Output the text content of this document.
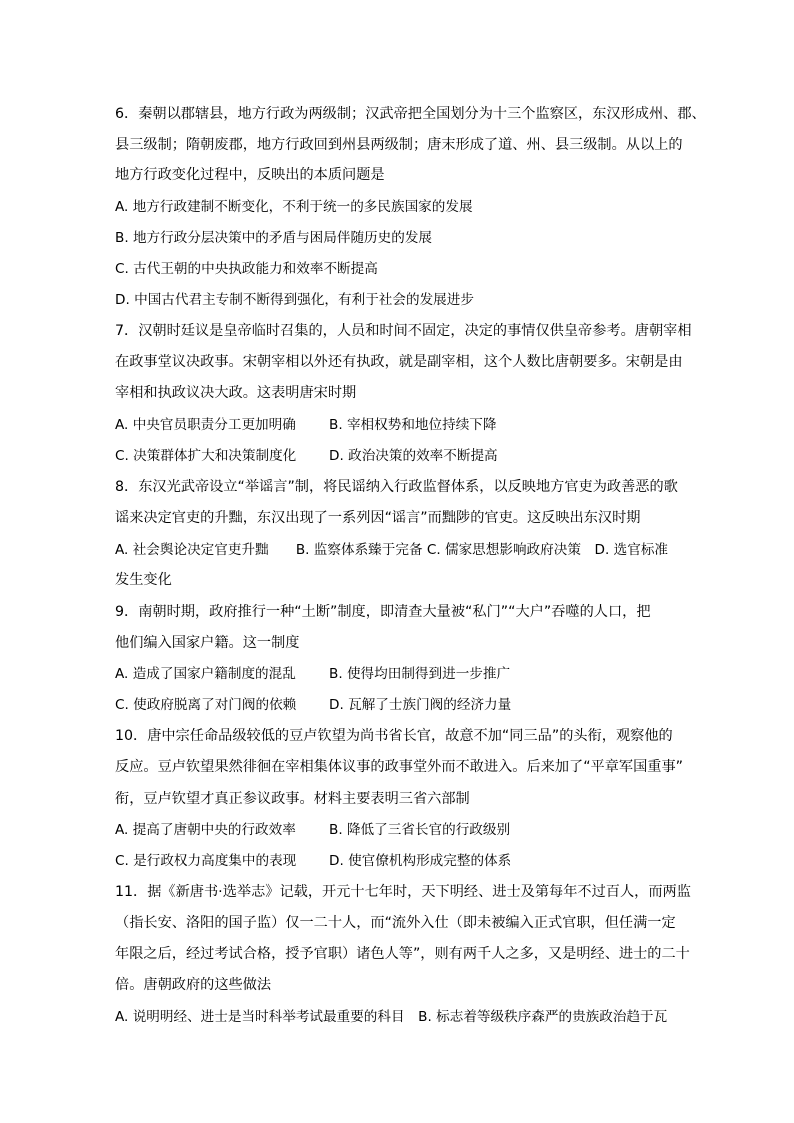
6．秦朝以郡辖县，地方行政为两级制；汉武帝把全国划分为十三个监察区，东汉形成州、郡、
县三级制；隋朝废郡，地方行政回到州县两级制；唐末形成了道、州、县三级制。从以上的
地方行政变化过程中，反映出的本质问题是
A. 地方行政建制不断变化，不利于统一的多民族国家的发展
B. 地方行政分层决策中的矛盾与困局伴随历史的发展
C. 古代王朝的中央执政能力和效率不断提高
D. 中国古代君主专制不断得到强化，有利于社会的发展进步
7．汉朝时廷议是皇帝临时召集的，人员和时间不固定，决定的事情仅供皇帝参考。唐朝宰相
在政事堂议决政事。宋朝宰相以外还有执政，就是副宰相，这个人数比唐朝要多。宋朝是由
宰相和执政议决大政。这表明唐宋时期
A. 中央官员职责分工更加明确 B. 宰相权势和地位持续下降
C. 决策群体扩大和决策制度化 D. 政治决策的效率不断提高
8．东汉光武帝设立“举谣言”制，将民谣纳入行政监督体系，以反映地方官吏为政善恶的歌
谣来决定官吏的升黜，东汉出现了一系列因“谣言”而黜陟的官吏。这反映出东汉时期
A. 社会舆论决定官吏升黜　　B. 监察体系臻于完备 C. 儒家思想影响政府决策　D. 选官标准
发生变化
9．南朝时期，政府推行一种“土断”制度，即清查大量被“私门”“大户”吞噬的人口，把
他们编入国家户籍。这一制度
A. 造成了国家户籍制度的混乱 B. 使得均田制得到进一步推广
C. 使政府脱离了对门阀的依赖 D. 瓦解了士族门阀的经济力量
10．唐中宗任命品级较低的豆卢钦望为尚书省长官，故意不加“同三品”的头衔，观察他的
反应。豆卢钦望果然徘徊在宰相集体议事的政事堂外而不敢进入。后来加了“平章军国重事”
衔，豆卢钦望才真正参议政事。材料主要表明三省六部制
A. 提高了唐朝中央的行政效率 B. 降低了三省长官的行政级别
C. 是行政权力高度集中的表现 D. 使官僚机构形成完整的体系
11．据《新唐书·选举志》记载，开元十七年时，天下明经、进士及第每年不过百人，而两监
（指长安、洛阳的国子监）仅一二十人，而“流外入仕（即未被编入正式官职，但任满一定
年限之后，经过考试合格，授予官职）诸色人等”，则有两千人之多，又是明经、进士的二十
倍。唐朝政府的这些做法
A. 说明明经、进士是当时科举考试最重要的科目　B. 标志着等级秩序森严的贵族政治趋于瓦
